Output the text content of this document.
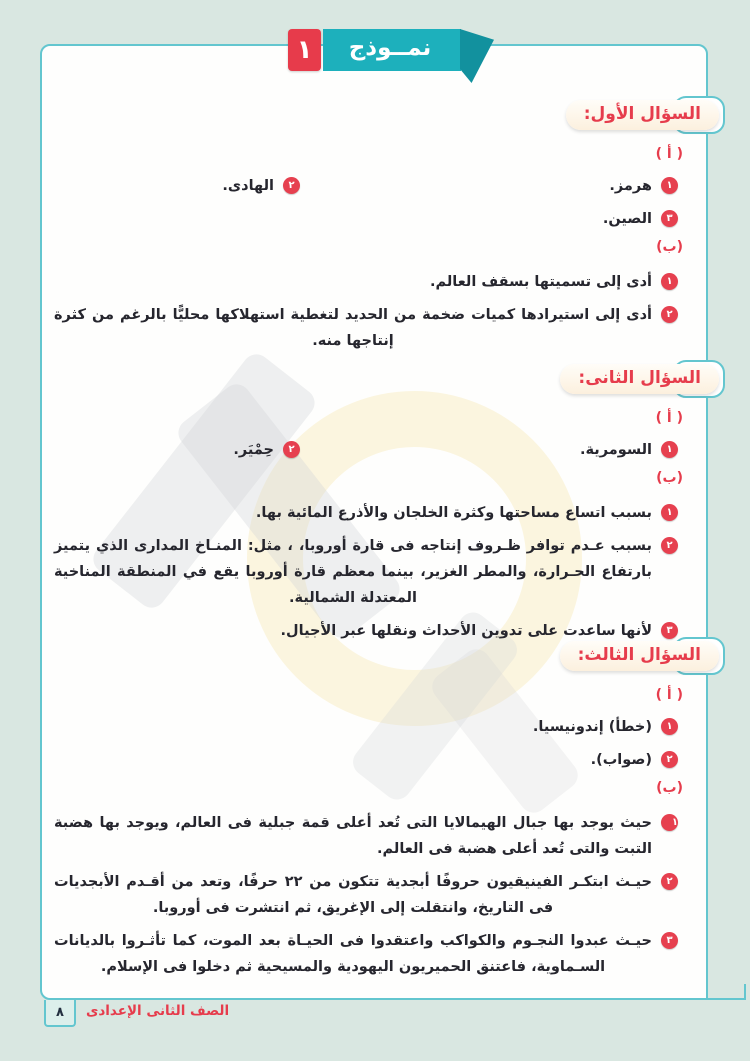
١	نمــوذج
السؤال الأول:
( أ )
١
هرمز.
٢
الهادى.
٣
الصين.
(ب)
١
أدى إلى تسميتها بسقف العالم.
٢
أدى إلى استيرادها كميات ضخمة من الحديد لتغطية استهلاكها محليًّا بالرغم من كثرة إنتاجها منه.
السؤال الثانى:
( أ )
١
السومرية.
٢
حِمْيَر.
(ب)
١
بسبب اتساع مساحتها وكثرة الخلجان والأذرع المائية بها.
٢
بسبب عـدم توافر ظـروف إنتاجه فى قارة أوروبا، ، مثل: المنـاخ المدارى الذي يتميز بارتفاع الحـرارة، والمطر الغزير، بينما معظم قارة أوروبا يقع في المنطقة المناخية المعتدلة الشمالية.
٣
لأنها ساعدت على تدوين الأحداث ونقلها عبر الأجيال.
السؤال الثالث:
( أ )
١
(خطأ) إندونيسيا.
٢
(صواب).
(ب)
١
حيث يوجد بها جبال الهيمالايا التى تُعد أعلى قمة جبلية فى العالم، ويوجد بها هضبة التبت والتى تُعد أعلى هضبة فى العالم.
٢
حيـث ابتكـر الفينيقيون حروفًا أبجدية تتكون من ٢٢ حرفًا، وتعد من أقـدم الأبجديات فى التاريخ، وانتقلت إلى الإغريق، ثم انتشرت فى أوروبا.
٣
حيـث عبدوا النجـوم والكواكب واعتقدوا فى الحيـاة بعد الموت، كما تأثـروا بالديانات السـماوية، فاعتنق الحميريون اليهودية والمسيحية ثم دخلوا فى الإسلام.
٨	الصف الثانى الإعدادى
